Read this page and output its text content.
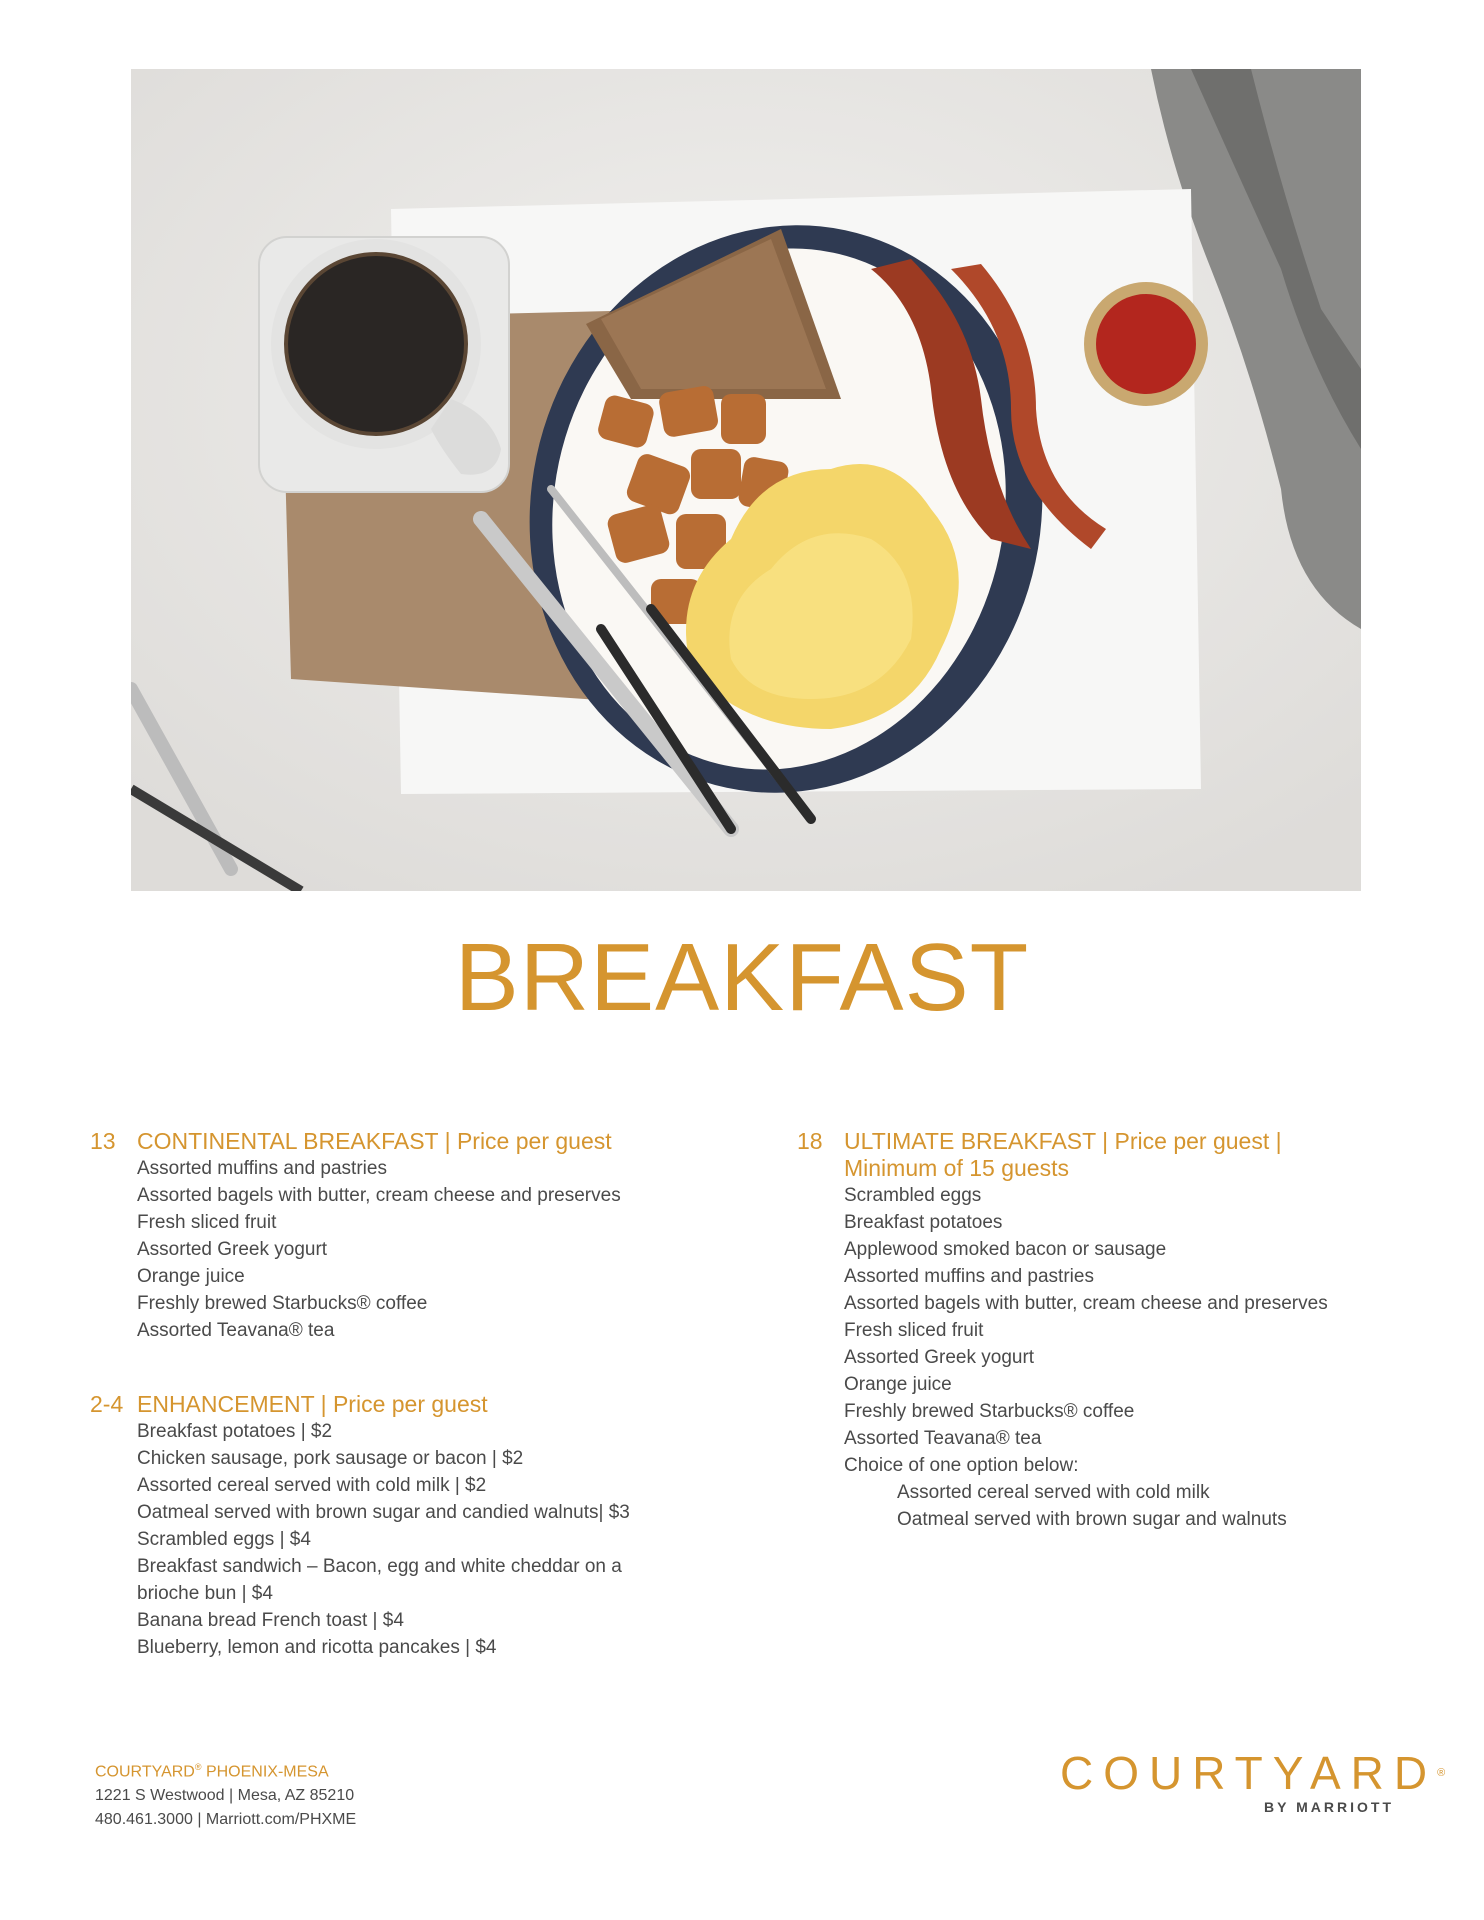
BREAKFAST
13 CONTINENTAL BREAKFAST | Price per guest
Assorted muffins and pastries
Assorted bagels with butter, cream cheese and preserves
Fresh sliced fruit
Assorted Greek yogurt
Orange juice
Freshly brewed Starbucks® coffee
Assorted Teavana® tea
2-4 ENHANCEMENT | Price per guest
Breakfast potatoes | $2
Chicken sausage, pork sausage or bacon | $2
Assorted cereal served with cold milk | $2
Oatmeal served with brown sugar and candied walnuts| $3
Scrambled eggs | $4
Breakfast sandwich – Bacon, egg and white cheddar on a
brioche bun | $4
Banana bread French toast | $4
Blueberry, lemon and ricotta pancakes | $4
18 ULTIMATE BREAKFAST | Price per guest |
Minimum of 15 guests
Scrambled eggs
Breakfast potatoes
Applewood smoked bacon or sausage
Assorted muffins and pastries
Assorted bagels with butter, cream cheese and preserves
Fresh sliced fruit
Assorted Greek yogurt
Orange juice
Freshly brewed Starbucks® coffee
Assorted Teavana® tea
Choice of one option below:
Assorted cereal served with cold milk
Oatmeal served with brown sugar and walnuts
COURTYARD® PHOENIX-MESA
1221 S Westwood | Mesa, AZ 85210
480.461.3000 | Marriott.com/PHXME
COURTYARD®
BY MARRIOTT
